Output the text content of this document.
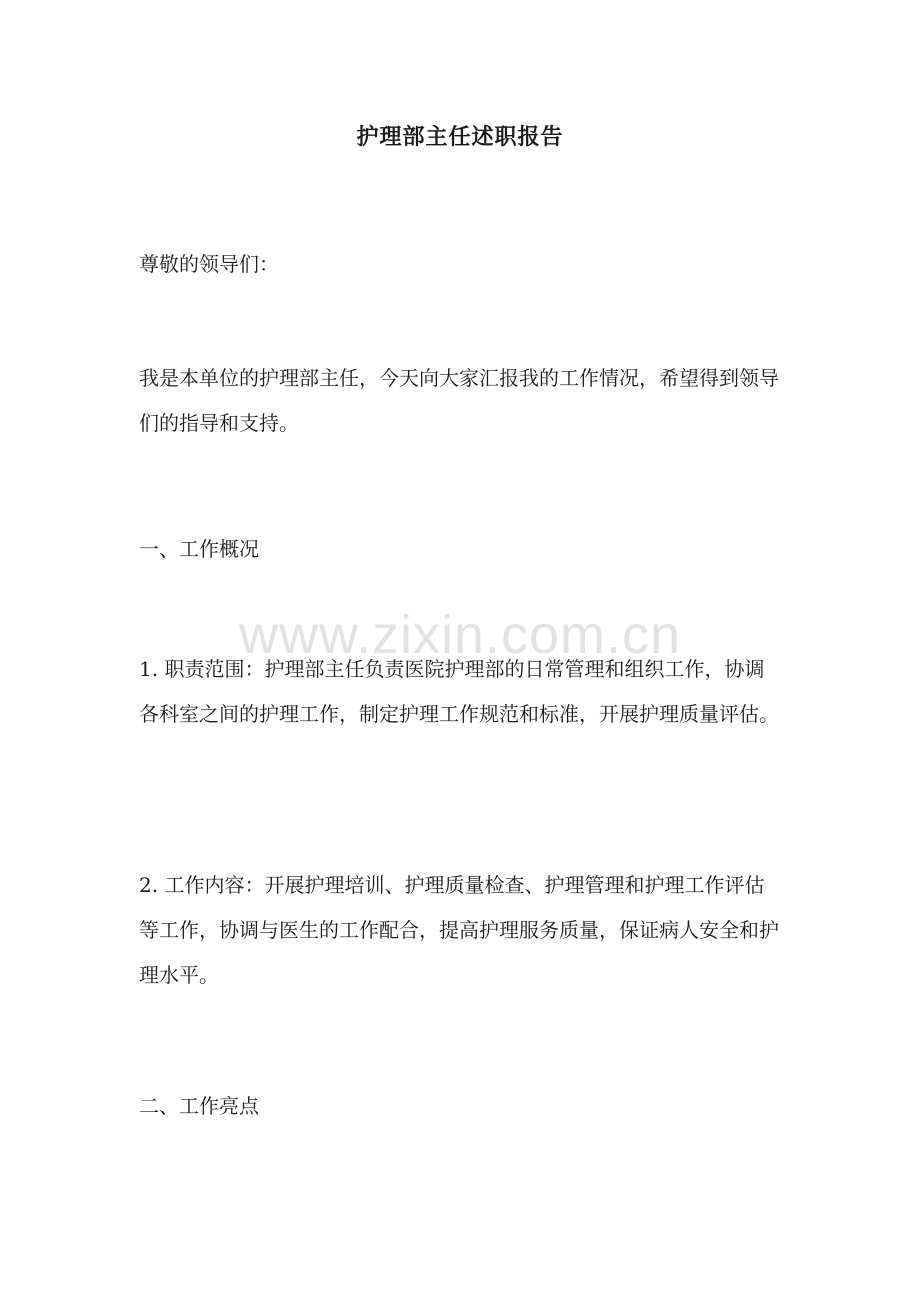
护理部主任述职报告

尊敬的领导们：

我是本单位的护理部主任，今天向大家汇报我的工作情况，希望得到领导们的指导和支持。

一、工作概况

1. 职责范围：护理部主任负责医院护理部的日常管理和组织工作，协调各科室之间的护理工作，制定护理工作规范和标准，开展护理质量评估。

2. 工作内容：开展护理培训、护理质量检查、护理管理和护理工作评估等工作，协调与医生的工作配合，提高护理服务质量，保证病人安全和护理水平。

二、工作亮点

www.zixin.com.cn
